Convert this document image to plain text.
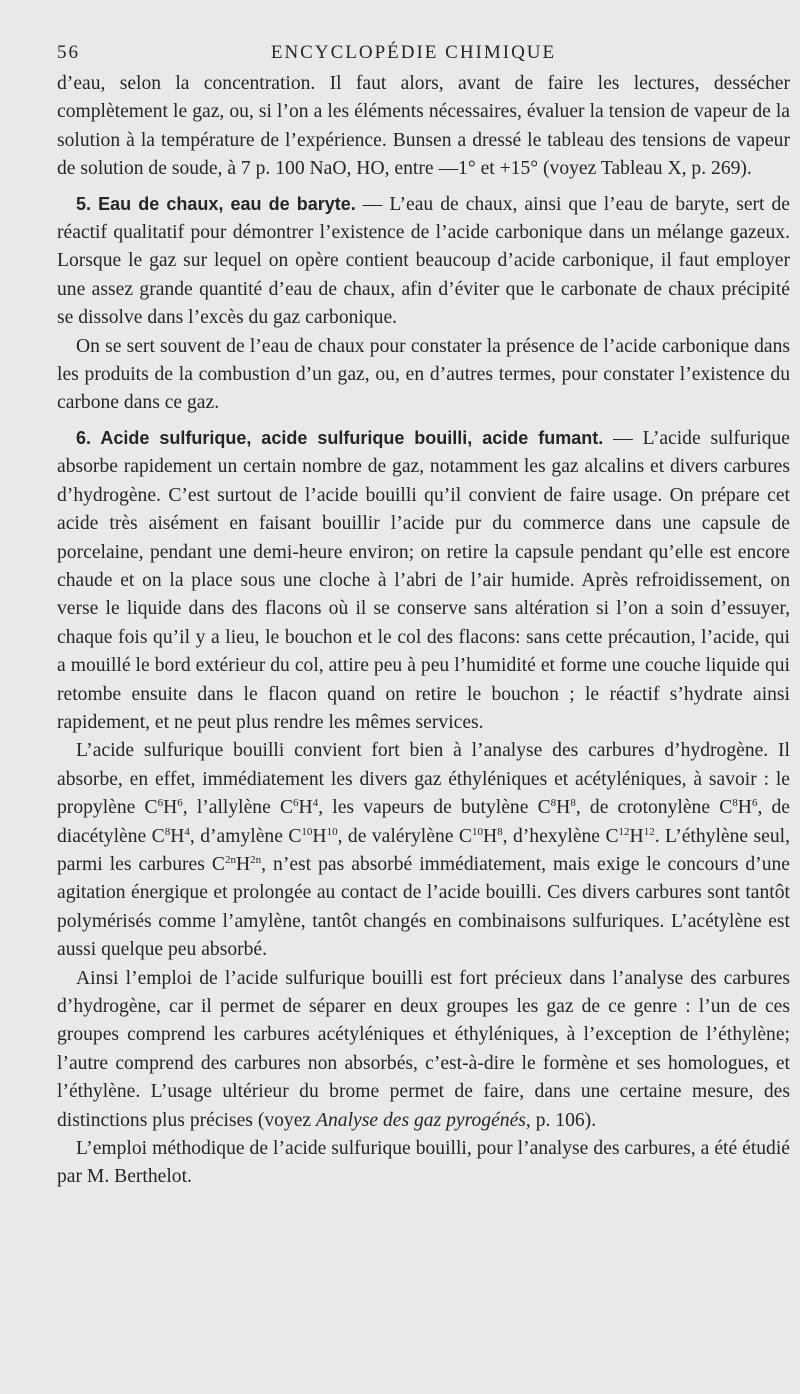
56	ENCYCLOPÉDIE CHIMIQUE

d’eau, selon la concentration. Il faut alors, avant de faire les lectures, dessécher complètement le gaz, ou, si l’on a les éléments nécessaires, évaluer la tension de vapeur de la solution à la température de l’expérience. Bunsen a dressé le tableau des tensions de vapeur de solution de soude, à 7 p. 100 NaO, HO, entre —1° et +15° (voyez Tableau X, p. 269).

5. Eau de chaux, eau de baryte. — L’eau de chaux, ainsi que l’eau de baryte, sert de réactif qualitatif pour démontrer l’existence de l’acide carbonique dans un mélange gazeux. Lorsque le gaz sur lequel on opère contient beaucoup d’acide carbonique, il faut employer une assez grande quantité d’eau de chaux, afin d’éviter que le carbonate de chaux précipité se dissolve dans l’excès du gaz carbonique.

On se sert souvent de l’eau de chaux pour constater la présence de l’acide carbonique dans les produits de la combustion d’un gaz, ou, en d’autres termes, pour constater l’existence du carbone dans ce gaz.

6. Acide sulfurique, acide sulfurique bouilli, acide fumant. — L’acide sulfurique absorbe rapidement un certain nombre de gaz, notamment les gaz alcalins et divers carbures d’hydrogène. C’est surtout de l’acide bouilli qu’il convient de faire usage. On prépare cet acide très aisément en faisant bouillir l’acide pur du commerce dans une capsule de porcelaine, pendant une demi-heure environ; on retire la capsule pendant qu’elle est encore chaude et on la place sous une cloche à l’abri de l’air humide. Après refroidissement, on verse le liquide dans des flacons où il se conserve sans altération si l’on a soin d’essuyer, chaque fois qu’il y a lieu, le bouchon et le col des flacons: sans cette précaution, l’acide, qui a mouillé le bord extérieur du col, attire peu à peu l’humidité et forme une couche liquide qui retombe ensuite dans le flacon quand on retire le bouchon ; le réactif s’hydrate ainsi rapidement, et ne peut plus rendre les mêmes services.

L’acide sulfurique bouilli convient fort bien à l’analyse des carbures d’hydrogène. Il absorbe, en effet, immédiatement les divers gaz éthyléniques et acétyléniques, à savoir : le propylène $C^6H^6$, l’allylène $C^6H^4$, les vapeurs de butylène $C^8H^8$, de crotonylène $C^8H^6$, de diacétylène $C^8H^4$, d’amylène $C^{10}H^{10}$, de valérylène $C^{10}H^8$, d’hexylène $C^{12}H^{12}$. L’éthylène seul, parmi les carbures $C^{2n}H^{2n}$, n’est pas absorbé immédiatement, mais exige le concours d’une agitation énergique et prolongée au contact de l’acide bouilli. Ces divers carbures sont tantôt polymérisés comme l’amylène, tantôt changés en combinaisons sulfuriques. L’acétylène est aussi quelque peu absorbé.

Ainsi l’emploi de l’acide sulfurique bouilli est fort précieux dans l’analyse des carbures d’hydrogène, car il permet de séparer en deux groupes les gaz de ce genre : l’un de ces groupes comprend les carbures acétyléniques et éthyléniques, à l’exception de l’éthylène; l’autre comprend des carbures non absorbés, c’est-à-dire le formène et ses homologues, et l’éthylène. L’usage ultérieur du brome permet de faire, dans une certaine mesure, des distinctions plus précises (voyez Analyse des gaz pyrogénés, p. 106).

L’emploi méthodique de l’acide sulfurique bouilli, pour l’analyse des carbures, a été étudié par M. Berthelot.
